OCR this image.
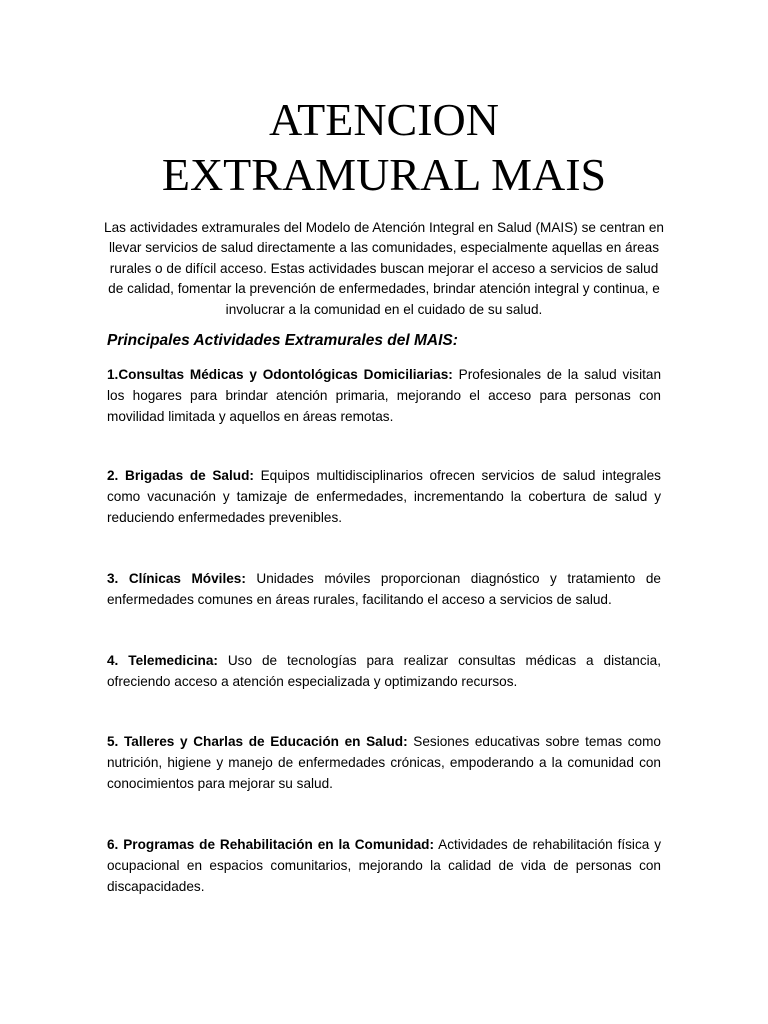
ATENCION
EXTRAMURAL MAIS

Las actividades extramurales del Modelo de Atención Integral en Salud (MAIS) se centran en llevar servicios de salud directamente a las comunidades, especialmente aquellas en áreas rurales o de difícil acceso. Estas actividades buscan mejorar el acceso a servicios de salud de calidad, fomentar la prevención de enfermedades, brindar atención integral y continua, e involucrar a la comunidad en el cuidado de su salud.

Principales Actividades Extramurales del MAIS:

1.Consultas Médicas y Odontológicas Domiciliarias: Profesionales de la salud visitan los hogares para brindar atención primaria, mejorando el acceso para personas con movilidad limitada y aquellos en áreas remotas.

2. Brigadas de Salud: Equipos multidisciplinarios ofrecen servicios de salud integrales como vacunación y tamizaje de enfermedades, incrementando la cobertura de salud y reduciendo enfermedades prevenibles.

3. Clínicas Móviles: Unidades móviles proporcionan diagnóstico y tratamiento de enfermedades comunes en áreas rurales, facilitando el acceso a servicios de salud.

4. Telemedicina: Uso de tecnologías para realizar consultas médicas a distancia, ofreciendo acceso a atención especializada y optimizando recursos.

5. Talleres y Charlas de Educación en Salud: Sesiones educativas sobre temas como nutrición, higiene y manejo de enfermedades crónicas, empoderando a la comunidad con conocimientos para mejorar su salud.

6. Programas de Rehabilitación en la Comunidad: Actividades de rehabilitación física y ocupacional en espacios comunitarios, mejorando la calidad de vida de personas con discapacidades.
